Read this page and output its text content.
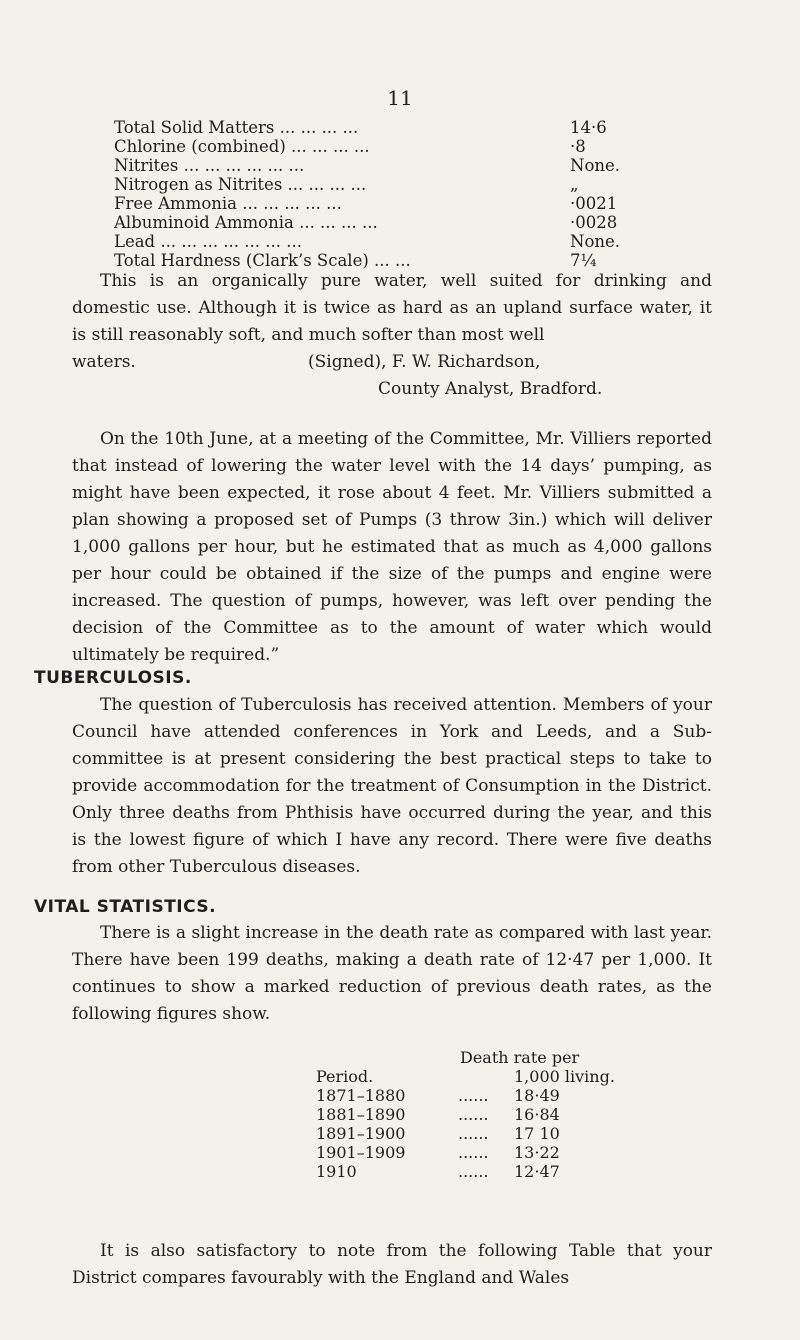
11
Total Solid Matters ... ... ... ...	14·6
Chlorine (combined) ... ... ... ...	·8
Nitrites ... ... ... ... ... ...	None.
Nitrogen as Nitrites ... ... ... ...	„
Free Ammonia ... ... ... ... ...	·0021
Albuminoid Ammonia ... ... ... ...	·0028
Lead ... ... ... ... ... ... ...	None.
Total Hardness (Clark’s Scale) ... ...	7¼
This is an organically pure water, well suited for drinking and domestic use. Although it is twice as hard as an upland surface water, it is still reasonably soft, and much softer than most well
waters.	(Signed), F. W. Richardson,
County Analyst, Bradford.
On the 10th June, at a meeting of the Committee, Mr. Villiers reported that instead of lowering the water level with the 14 days’ pumping, as might have been expected, it rose about 4 feet. Mr. Villiers submitted a plan showing a proposed set of Pumps (3 throw 3in.) which will deliver 1,000 gallons per hour, but he estimated that as much as 4,000 gallons per hour could be obtained if the size of the pumps and engine were increased. The question of pumps, however, was left over pending the decision of the Committee as to the amount of water which would ultimately be required.”
TUBERCULOSIS.
The question of Tuberculosis has received attention. Members of your Council have attended conferences in York and Leeds, and a Sub-committee is at present considering the best practical steps to take to provide accommodation for the treatment of Consumption in the District. Only three deaths from Phthisis have occurred during the year, and this is the lowest figure of which I have any record. There were five deaths from other Tuberculous diseases.
VITAL STATISTICS.
There is a slight increase in the death rate as compared with last year. There have been 199 deaths, making a death rate of 12·47 per 1,000. It continues to show a marked reduction of previous death rates, as the following figures show.
Death rate per
Period.	1,000 living.
1871–1880	......	18·49
1881–1890	......	16·84
1891–1900	......	17 10
1901–1909	......	13·22
1910	......	12·47
It is also satisfactory to note from the following Table that your District compares favourably with the England and Wales
